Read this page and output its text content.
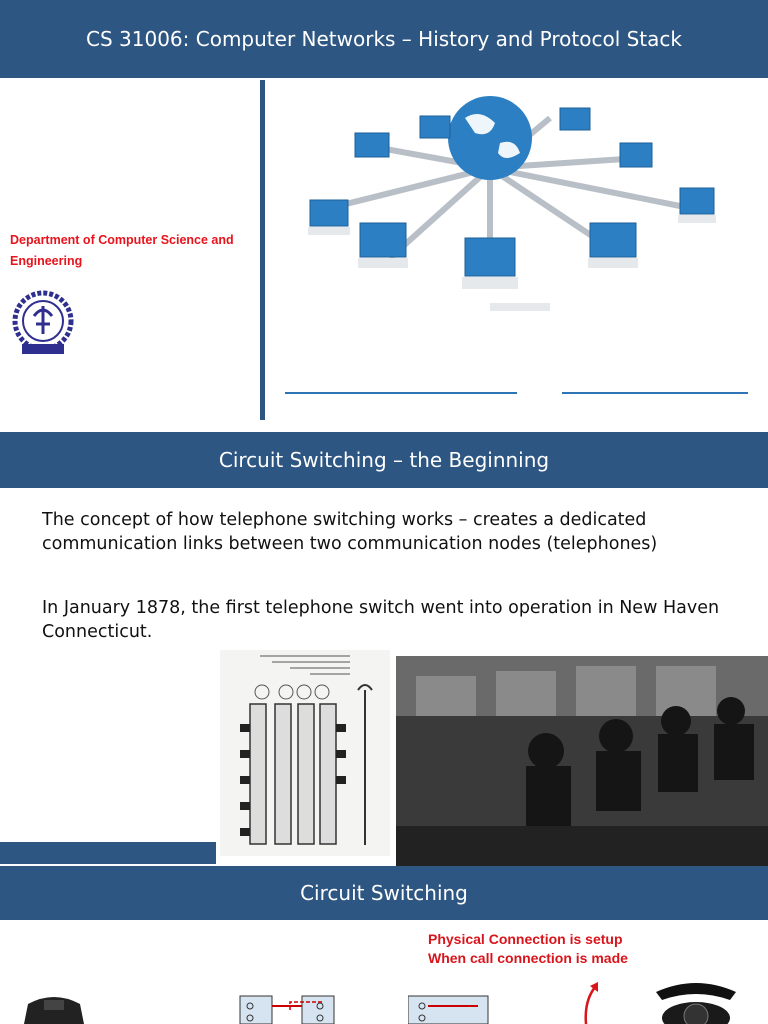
CS 31006: Computer Networks – History and Protocol Stack
Department of Computer Science and Engineering
Circuit Switching – the Beginning
The concept of how telephone switching works – creates a dedicated communication links between two communication nodes (telephones)
In January 1878, the first telephone switch went into operation in New Haven Connecticut.
Circuit Switching
Physical Connection is setup
When call connection is made
